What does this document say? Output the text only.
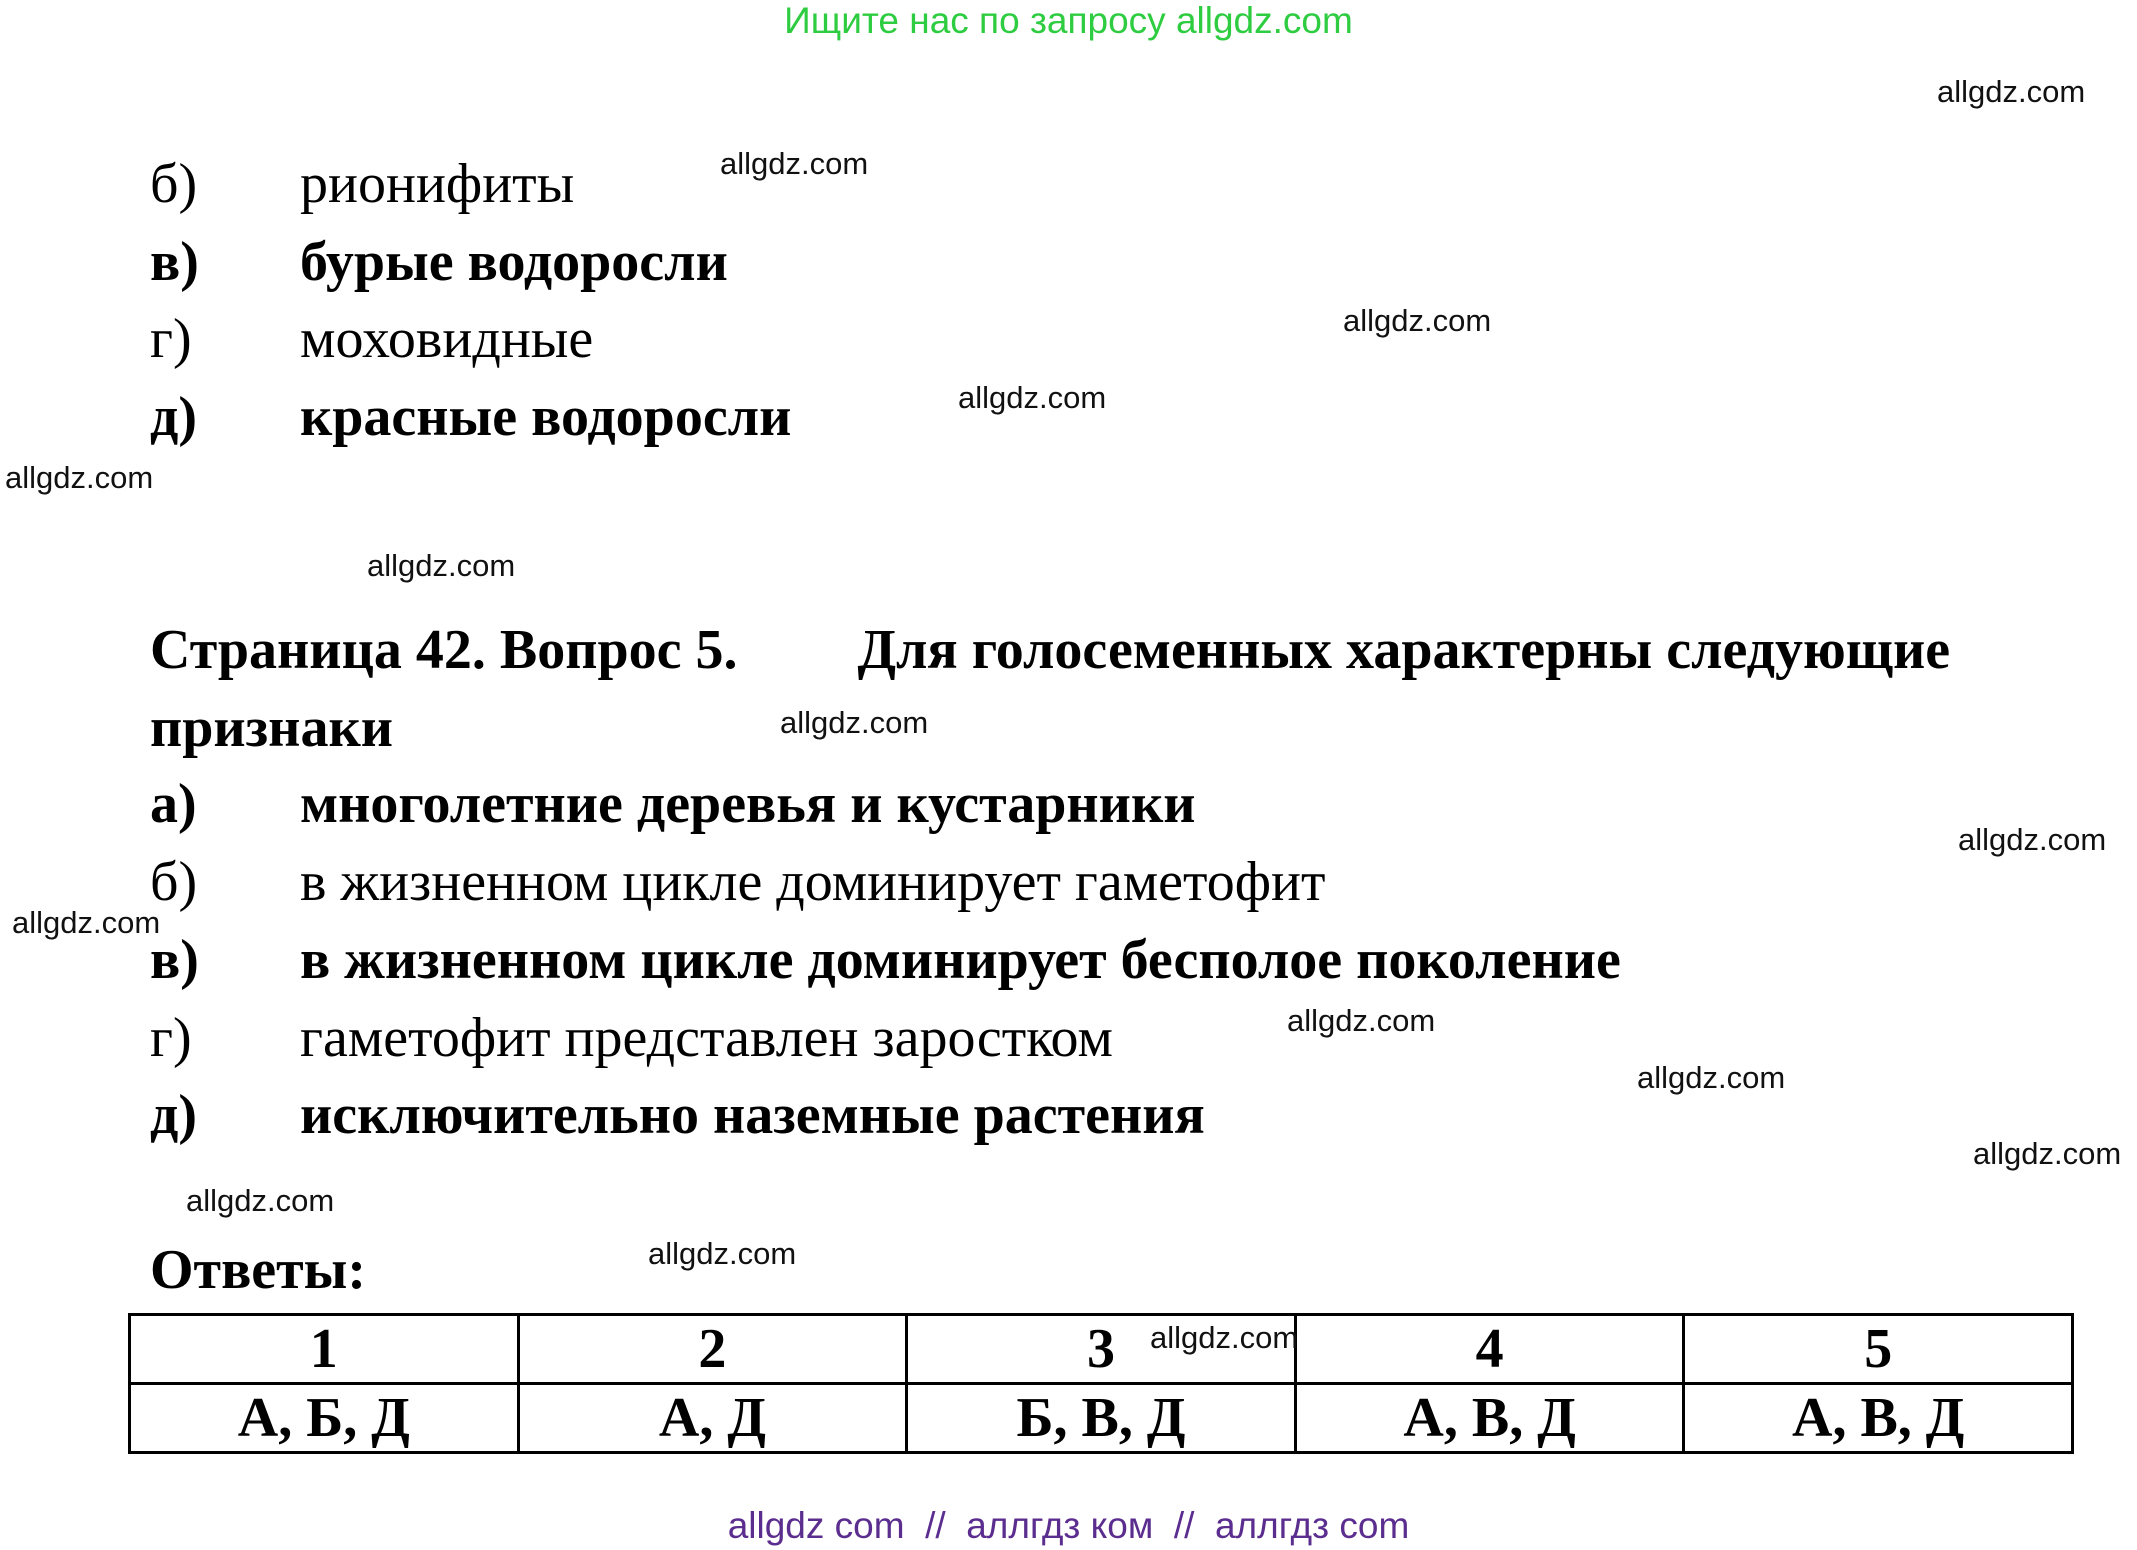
Ищите нас по запросу allgdz.com
allgdz.com
allgdz.com
allgdz.com
allgdz.com
allgdz.com
allgdz.com
allgdz.com
allgdz.com
allgdz.com
allgdz.com
allgdz.com
allgdz.com
allgdz.com
allgdz.com
allgdz.com
б)	рионифиты
в)	бурые водоросли
г)	моховидные
д)	красные водоросли
Страница 42. Вопрос 5. Для голосеменных характерны следующие
признаки
а)	многолетние деревья и кустарники
б)	в жизненном цикле доминирует гаметофит
в)	в жизненном цикле доминирует бесполое поколение
г)	гаметофит представлен заростком
д)	исключительно наземные растения
Ответы:
1	2	3	4	5
А, Б, Д	А, Д	Б, В, Д	А, В, Д	А, В, Д
allgdz com  //  аллгдз ком  //  аллгдз com
